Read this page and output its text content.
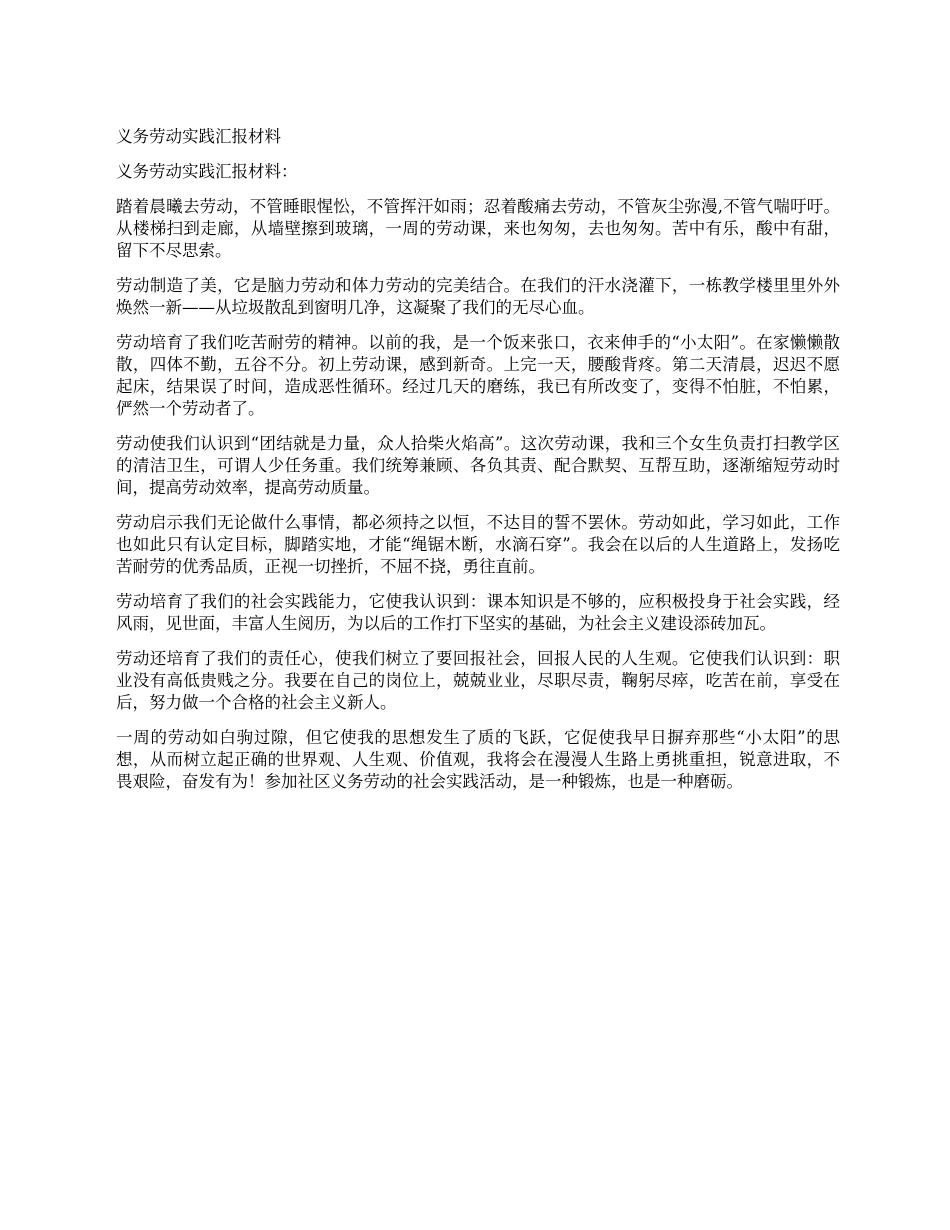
义务劳动实践汇报材料

义务劳动实践汇报材料：

踏着晨曦去劳动，不管睡眼惺忪，不管挥汗如雨；忍着酸痛去劳动，不管灰尘弥漫,不管气喘吁吁。从楼梯扫到走廊，从墙壁擦到玻璃，一周的劳动课，来也匆匆，去也匆匆。苦中有乐，酸中有甜，留下不尽思索。

劳动制造了美，它是脑力劳动和体力劳动的完美结合。在我们的汗水浇灌下，一栋教学楼里里外外焕然一新——从垃圾散乱到窗明几净，这凝聚了我们的无尽心血。

劳动培育了我们吃苦耐劳的精神。以前的我，是一个饭来张口，衣来伸手的“小太阳”。在家懒懒散散，四体不勤，五谷不分。初上劳动课，感到新奇。上完一天，腰酸背疼。第二天清晨，迟迟不愿起床，结果误了时间，造成恶性循环。经过几天的磨练，我已有所改变了，变得不怕脏，不怕累，俨然一个劳动者了。

劳动使我们认识到“团结就是力量，众人拾柴火焰高”。这次劳动课，我和三个女生负责打扫教学区的清洁卫生，可谓人少任务重。我们统筹兼顾、各负其责、配合默契、互帮互助，逐渐缩短劳动时间，提高劳动效率，提高劳动质量。

劳动启示我们无论做什么事情，都必须持之以恒，不达目的誓不罢休。劳动如此，学习如此，工作也如此只有认定目标，脚踏实地，才能“绳锯木断，水滴石穿”。我会在以后的人生道路上，发扬吃苦耐劳的优秀品质，正视一切挫折，不屈不挠，勇往直前。

劳动培育了我们的社会实践能力，它使我认识到：课本知识是不够的，应积极投身于社会实践，经风雨，见世面，丰富人生阅历，为以后的工作打下坚实的基础，为社会主义建设添砖加瓦。

劳动还培育了我们的责任心，使我们树立了要回报社会，回报人民的人生观。它使我们认识到：职业没有高低贵贱之分。我要在自己的岗位上，兢兢业业，尽职尽责，鞠躬尽瘁，吃苦在前，享受在后，努力做一个合格的社会主义新人。

一周的劳动如白驹过隙，但它使我的思想发生了质的飞跃，它促使我早日摒弃那些“小太阳”的思想，从而树立起正确的世界观、人生观、价值观，我将会在漫漫人生路上勇挑重担，锐意进取，不畏艰险，奋发有为！参加社区义务劳动的社会实践活动，是一种锻炼，也是一种磨砺。
